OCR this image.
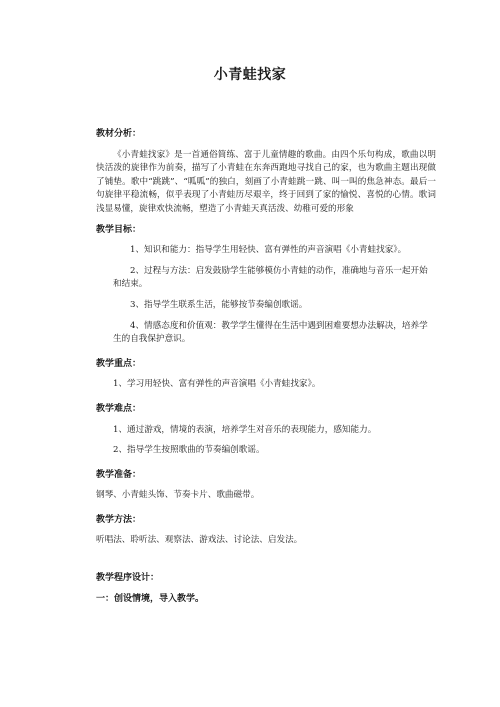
小青蛙找家

教材分析：

《小青蛙找家》是一首通俗简练、富于儿童情趣的歌曲。由四个乐句构成，歌曲以明快活泼的旋律作为前奏，描写了小青蛙在东奔西跑地寻找自己的家，也为歌曲主题出现做了铺垫。歌中“跳跳”、“呱呱”的独白，刻画了小青蛙跳一跳、叫一叫的焦急神态。最后一句旋律平稳流畅，似乎表现了小青蛙历尽艰辛，终于回到了家的愉悦、喜悦的心情。歌词浅显易懂，旋律欢快流畅，塑造了小青蛙天真活泼、幼稚可爱的形象

教学目标：

1、知识和能力：指导学生用轻快、富有弹性的声音演唱《小青蛙找家》。

2、过程与方法：启发鼓励学生能够模仿小青蛙的动作，准确地与音乐一起开始和结束。

3、指导学生联系生活，能够按节奏编创歌谣。

4、情感态度和价值观：教学学生懂得在生活中遇到困难要想办法解决，培养学生的自我保护意识。

教学重点：

1、学习用轻快、富有弹性的声音演唱《小青蛙找家》。

教学难点：

1、通过游戏，情境的表演，培养学生对音乐的表现能力，感知能力。

2、指导学生按照歌曲的节奏编创歌谣。

教学准备：

钢琴、小青蛙头饰、节奏卡片、歌曲磁带。

教学方法：

听唱法、聆听法、观察法、游戏法、讨论法、启发法。

教学程序设计：

一：创设情境，导入教学。
